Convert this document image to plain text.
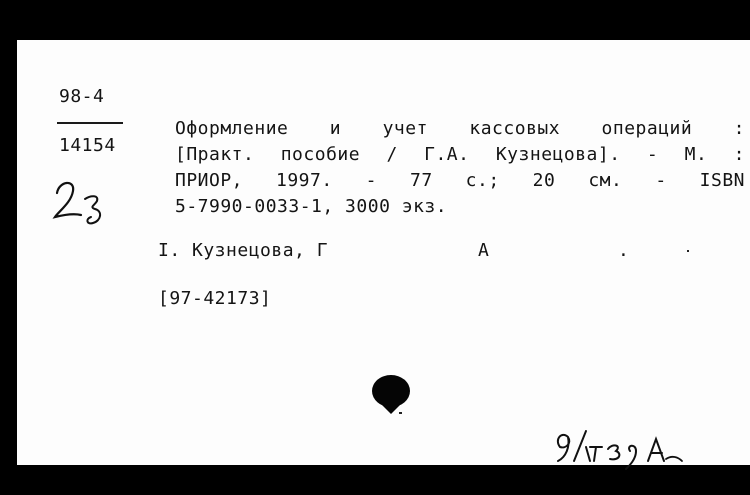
98-4
14154
Оформление и учет кассовых операций :
[Практ. пособие / Г.А. Кузнецова]. - М. :
ПРИОР, 1997. - 77 с.; 20 см. - ISBN
5-7990-0033-1, 3000 экз.
I. Кузнецова, Г	А	.
[97-42173]
